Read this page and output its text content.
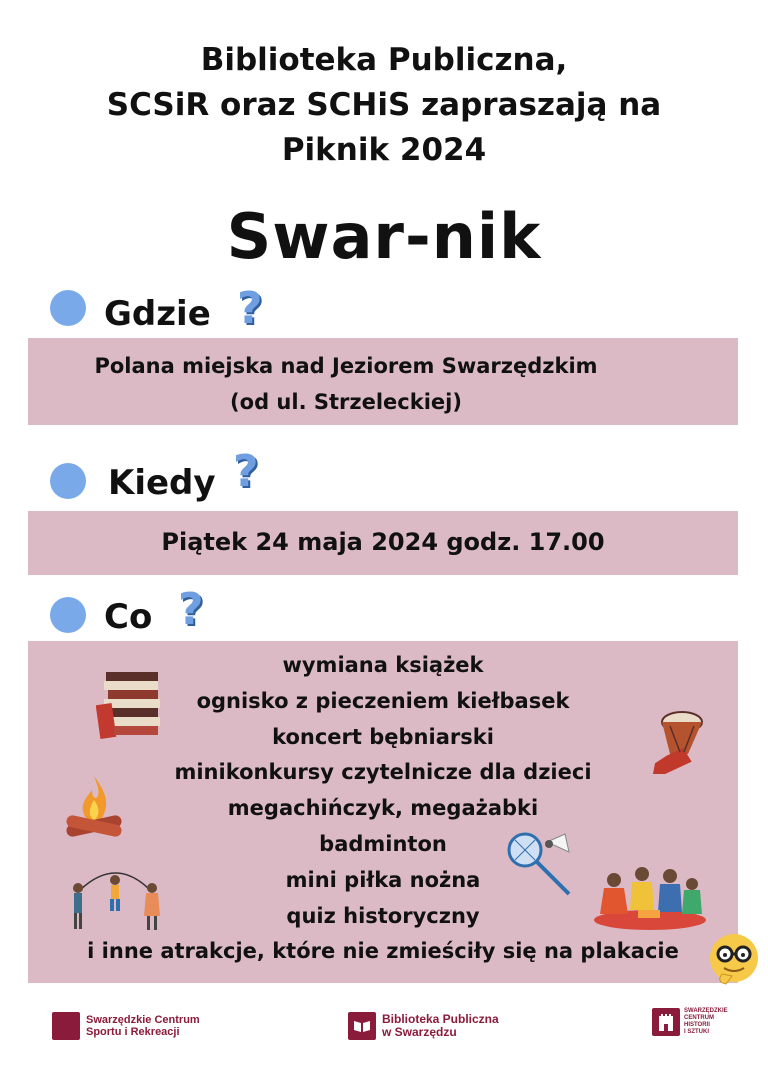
Biblioteka Publiczna,
SCSiR oraz SCHiS zapraszają na
Piknik 2024
Swar-nik
Gdzie ?
Polana miejska nad Jeziorem Swarzędzkim
(od ul. Strzeleckiej)
Kiedy ?
Piątek 24 maja 2024 godz. 17.00
Co ?
wymiana książek
ognisko z pieczeniem kiełbasek
koncert bębniarski
minikonkursy czytelnicze dla dzieci
megachińczyk, megażabki
badminton
mini piłka nożna
quiz historyczny
i inne atrakcje, które nie zmieściły się na plakacie
Swarzędzkie Centrum
Sportu i Rekreacji
Biblioteka Publiczna
w Swarzędzu
SWARZĘDZKIE
CENTRUM
HISTORII
I SZTUKI
